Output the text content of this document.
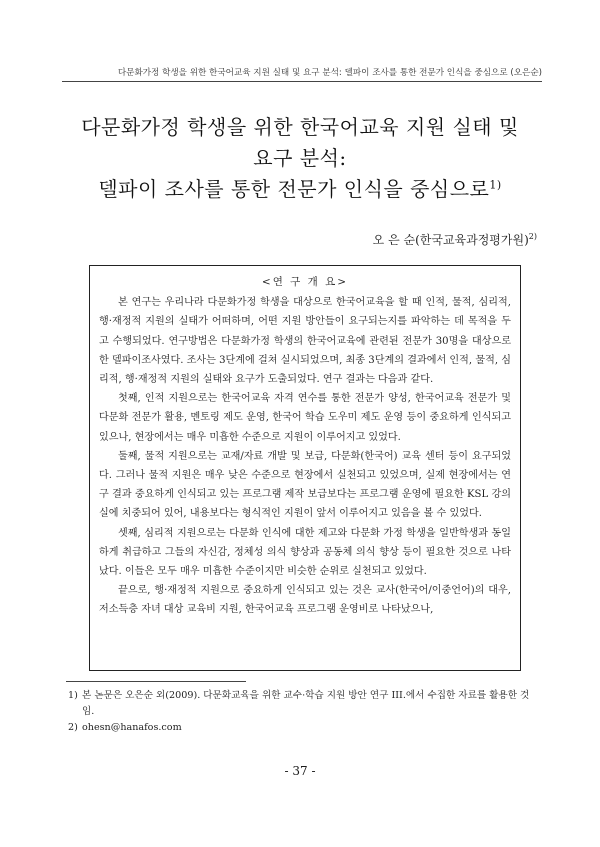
다문화가정 학생을 위한 한국어교육 지원 실태 및 요구 분석: 델파이 조사를 통한 전문가 인식을 중심으로 (오은순)
다문화가정 학생을 위한 한국어교육 지원 실태 및
요구 분석:
델파이 조사를 통한 전문가 인식을 중심으로$^{1)}$
오 은 순(한국교육과정평가원)$^{2)}$
<연 구 개 요>

본 연구는 우리나라 다문화가정 학생을 대상으로 한국어교육을 할 때 인적, 물적, 심리적, 행·재정적 지원의 실태가 어떠하며, 어떤 지원 방안들이 요구되는지를 파악하는 데 목적을 두고 수행되었다. 연구방법은 다문화가정 학생의 한국어교육에 관련된 전문가 30명을 대상으로 한 델파이조사였다. 조사는 3단계에 걸쳐 실시되었으며, 최종 3단계의 결과에서 인적, 물적, 심리적, 행·재정적 지원의 실태와 요구가 도출되었다. 연구 결과는 다음과 같다.

첫째, 인적 지원으로는 한국어교육 자격 연수를 통한 전문가 양성, 한국어교육 전문가 및 다문화 전문가 활용, 멘토링 제도 운영, 한국어 학습 도우미 제도 운영 등이 중요하게 인식되고 있으나, 현장에서는 매우 미흡한 수준으로 지원이 이루어지고 있었다.

둘째, 물적 지원으로는 교재/자료 개발 및 보급, 다문화(한국어) 교육 센터 등이 요구되었다. 그러나 물적 지원은 매우 낮은 수준으로 현장에서 실천되고 있었으며, 실제 현장에서는 연구 결과 중요하게 인식되고 있는 프로그램 제작 보급보다는 프로그램 운영에 필요한 KSL 강의실에 치중되어 있어, 내용보다는 형식적인 지원이 앞서 이루어지고 있음을 볼 수 있었다.

셋째, 심리적 지원으로는 다문화 인식에 대한 제고와 다문화 가정 학생을 일반학생과 동일하게 취급하고 그들의 자신감, 정체성 의식 향상과 공동체 의식 향상 등이 필요한 것으로 나타났다. 이들은 모두 매우 미흡한 수준이지만 비슷한 순위로 실천되고 있었다.

끝으로, 행·재정적 지원으로 중요하게 인식되고 있는 것은 교사(한국어/이중언어)의 대우, 저소득층 자녀 대상 교육비 지원, 한국어교육 프로그램 운영비로 나타났으나,

1) 본 논문은 오은순 외(2009). 다문화교육을 위한 교수·학습 지원 방안 연구 III.에서 수집한 자료를 활용한 것임.
2) ohesn@hanafos.com
- 37 -
